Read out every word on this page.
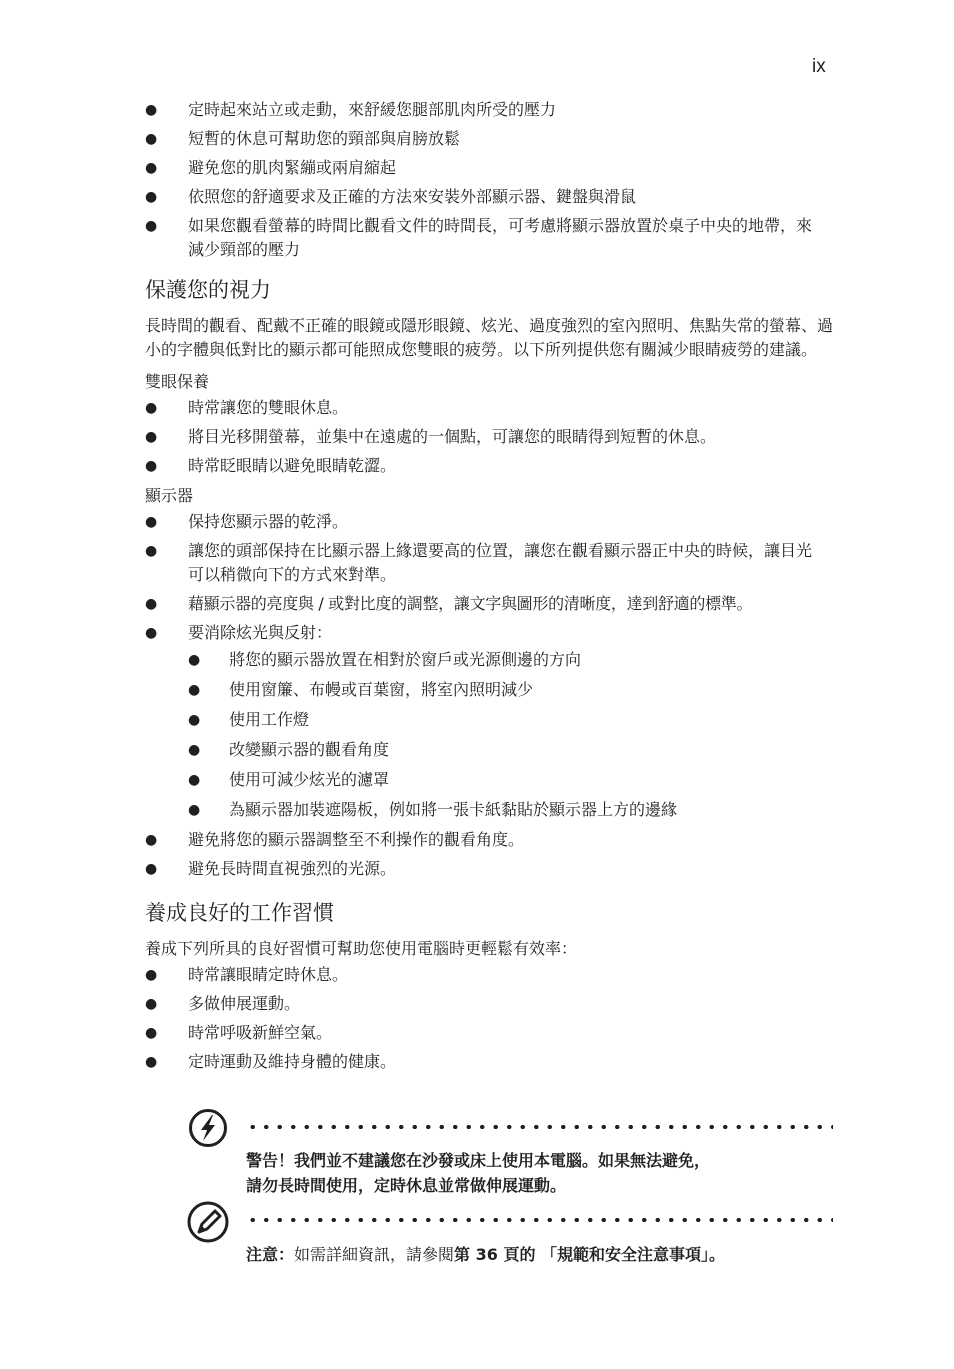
ix
● 定時起來站立或走動，來舒緩您腿部肌肉所受的壓力
● 短暫的休息可幫助您的頸部與肩膀放鬆
● 避免您的肌肉緊繃或兩肩縮起
● 依照您的舒適要求及正確的方法來安裝外部顯示器、鍵盤與滑鼠
● 如果您觀看螢幕的時間比觀看文件的時間長，可考慮將顯示器放置於桌子中央的地帶，來減少頸部的壓力
保護您的視力

長時間的觀看、配戴不正確的眼鏡或隱形眼鏡、炫光、過度強烈的室內照明、焦點失常的螢幕、過小的字體與低對比的顯示都可能照成您雙眼的疲勞。以下所列提供您有關減少眼睛疲勞的建議。

雙眼保養
● 時常讓您的雙眼休息。
● 將目光移開螢幕，並集中在遠處的一個點，可讓您的眼睛得到短暫的休息。
● 時常眨眼睛以避免眼睛乾澀。
顯示器
● 保持您顯示器的乾淨。
● 讓您的頭部保持在比顯示器上緣還要高的位置，讓您在觀看顯示器正中央的時候，讓目光可以稍微向下的方式來對準。
● 藉顯示器的亮度與 / 或對比度的調整，讓文字與圖形的清晰度，達到舒適的標準。
● 要消除炫光與反射：
● 將您的顯示器放置在相對於窗戶或光源側邊的方向
● 使用窗簾、布幔或百葉窗，將室內照明減少
● 使用工作燈
● 改變顯示器的觀看角度
● 使用可減少炫光的濾罩
● 為顯示器加裝遮陽板，例如將一張卡紙黏貼於顯示器上方的邊緣
● 避免將您的顯示器調整至不利操作的觀看角度。
● 避免長時間直視強烈的光源。
養成良好的工作習慣

養成下列所具的良好習慣可幫助您使用電腦時更輕鬆有效率：

● 時常讓眼睛定時休息。
● 多做伸展運動。
● 時常呼吸新鮮空氣。
● 定時運動及維持身體的健康。
警告！我們並不建議您在沙發或床上使用本電腦。如果無法避免，
請勿長時間使用，定時休息並常做伸展運動。
注意：如需詳細資訊，請參閱第 36 頁的 「規範和安全注意事項」。
